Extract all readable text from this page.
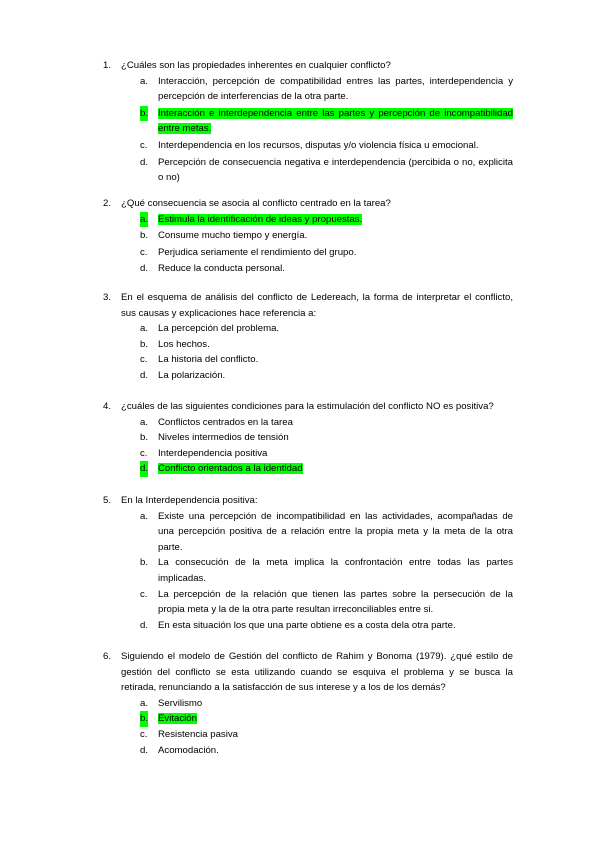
1.	¿Cuáles son las propiedades inherentes en cualquier conflicto?
a. Interacción, percepción de compatibilidad entres las partes, interdependencia y percepción de interferencias de la otra parte.
b. Interacción e interdependencia entre las partes y percepción de incompatibilidad entre metas.
c. Interdependencia en los recursos, disputas y/o violencia física u emocional.
d. Percepción de consecuencia negativa e interdependencia (percibida o no, explicita o no)
2.	¿Qué consecuencia se asocia al conflicto centrado en la tarea?
a. Estimula la identificación de ideas y propuestas.
b. Consume mucho tiempo y energía.
c. Perjudica seriamente el rendimiento del grupo.
d. Reduce la conducta personal.
3.	En el esquema de análisis del conflicto de Ledereach, la forma de interpretar el conflicto, sus causas y explicaciones hace referencia a:
a. La percepción del problema.
b. Los hechos.
c. La historia del conflicto.
d. La polarización.
4.	¿cuáles de las siguientes condiciones para la estimulación del conflicto NO es positiva?
a. Conflictos centrados en la tarea
b. Niveles intermedios de tensión
c. Interdependencia positiva
d. Conflicto orientados a la identidad
5.	En la Interdependencia positiva:
a. Existe una percepción de incompatibilidad en las actividades, acompañadas de una percepción positiva de a relación entre la propia meta y la meta de la otra parte.
b. La consecución de la meta implica la confrontación entre todas las partes implicadas.
c. La percepción de la relación que tienen las partes sobre la persecución de la propia meta y la de la otra parte resultan irreconciliables entre si.
d. En esta situación los que una parte obtiene es a costa dela otra parte.
6.	Siguiendo el modelo de Gestión del conflicto de Rahim y Bonoma (1979). ¿qué estilo de gestión del conflicto se esta utilizando cuando se esquiva el problema y se busca la retirada, renunciando a la satisfacción de sus interese y a los de los demás?
a. Servilismo
b. Evitación
c. Resistencia pasiva
d. Acomodación.
